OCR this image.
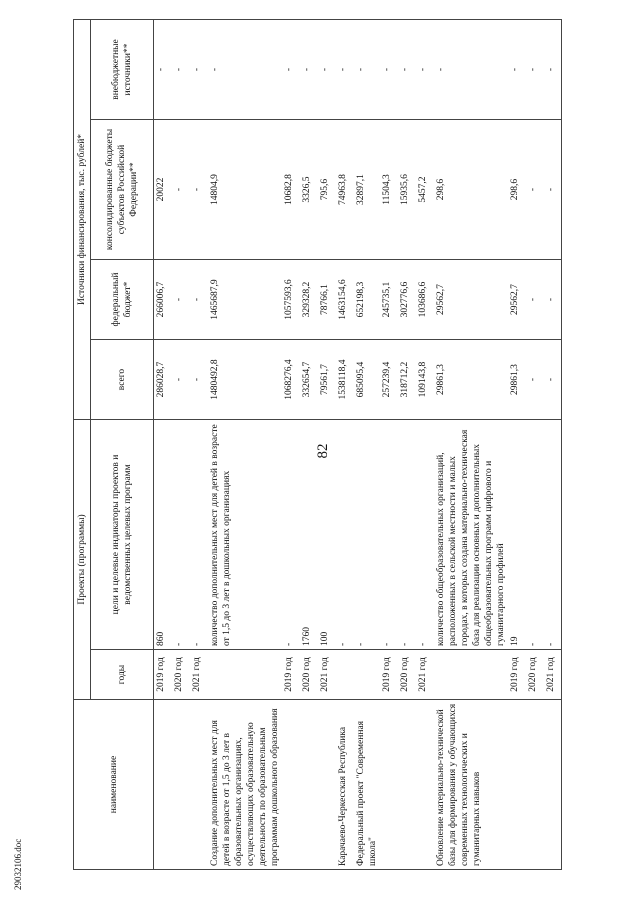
82
наименование	Проекты (программы)		Источники финансирования, тыс. рублей*			
	годы	цели и целевые индикаторы проектов и ведомственных целевых программ	всего	федеральный бюджет*	консолидированные бюджеты субъектов Российской Федерации**	внебюджетные источники**
	2019 год	860	286028,7	266006,7	20022	-
	2020 год	-	-	-	-	-
	2021 год	-	-	-	-	-
Создание дополнительных мест для детей в возрасте от 1,5 до 3 лет в образовательных организациях, осуществляющих образовательную деятельность по образовательным программам дошкольного образования		количество дополнительных мест для детей в возрасте от 1,5 до 3 лет в дошкольных организациях	1480492,8	1465687,9	14804,9	-
	2019 год	-	1068276,4	1057593,6	10682,8	-
	2020 год	1760	332654,7	329328,2	3326,5	-
	2021 год	100	79561,7	78766,1	795,6	-
Карачаево-Черкесская Республика		-	1538118,4	1463154,6	74963,8	-
Федеральный проект "Современная школа"		-	685095,4	652198,3	32897,1	-
	2019 год	-	257239,4	245735,1	11504,3	-
	2020 год	-	318712,2	302776,6	15935,6	-
	2021 год	-	109143,8	103686,6	5457,2	-
Обновление материально-технической базы для формирования у обучающихся современных технологических и гуманитарных навыков		количество общеобразовательных организаций, расположенных в сельской местности и малых городах, в которых создана материально-техническая база для реализации основных и дополнительных общеобразовательных программ цифрового и гуманитарного профилей	29861,3	29562,7	298,6	-
	2019 год	19	29861,3	29562,7	298,6	-
	2020 год	-	-	-	-	-
	2021 год	-	-	-	-	-
29032106.doc
